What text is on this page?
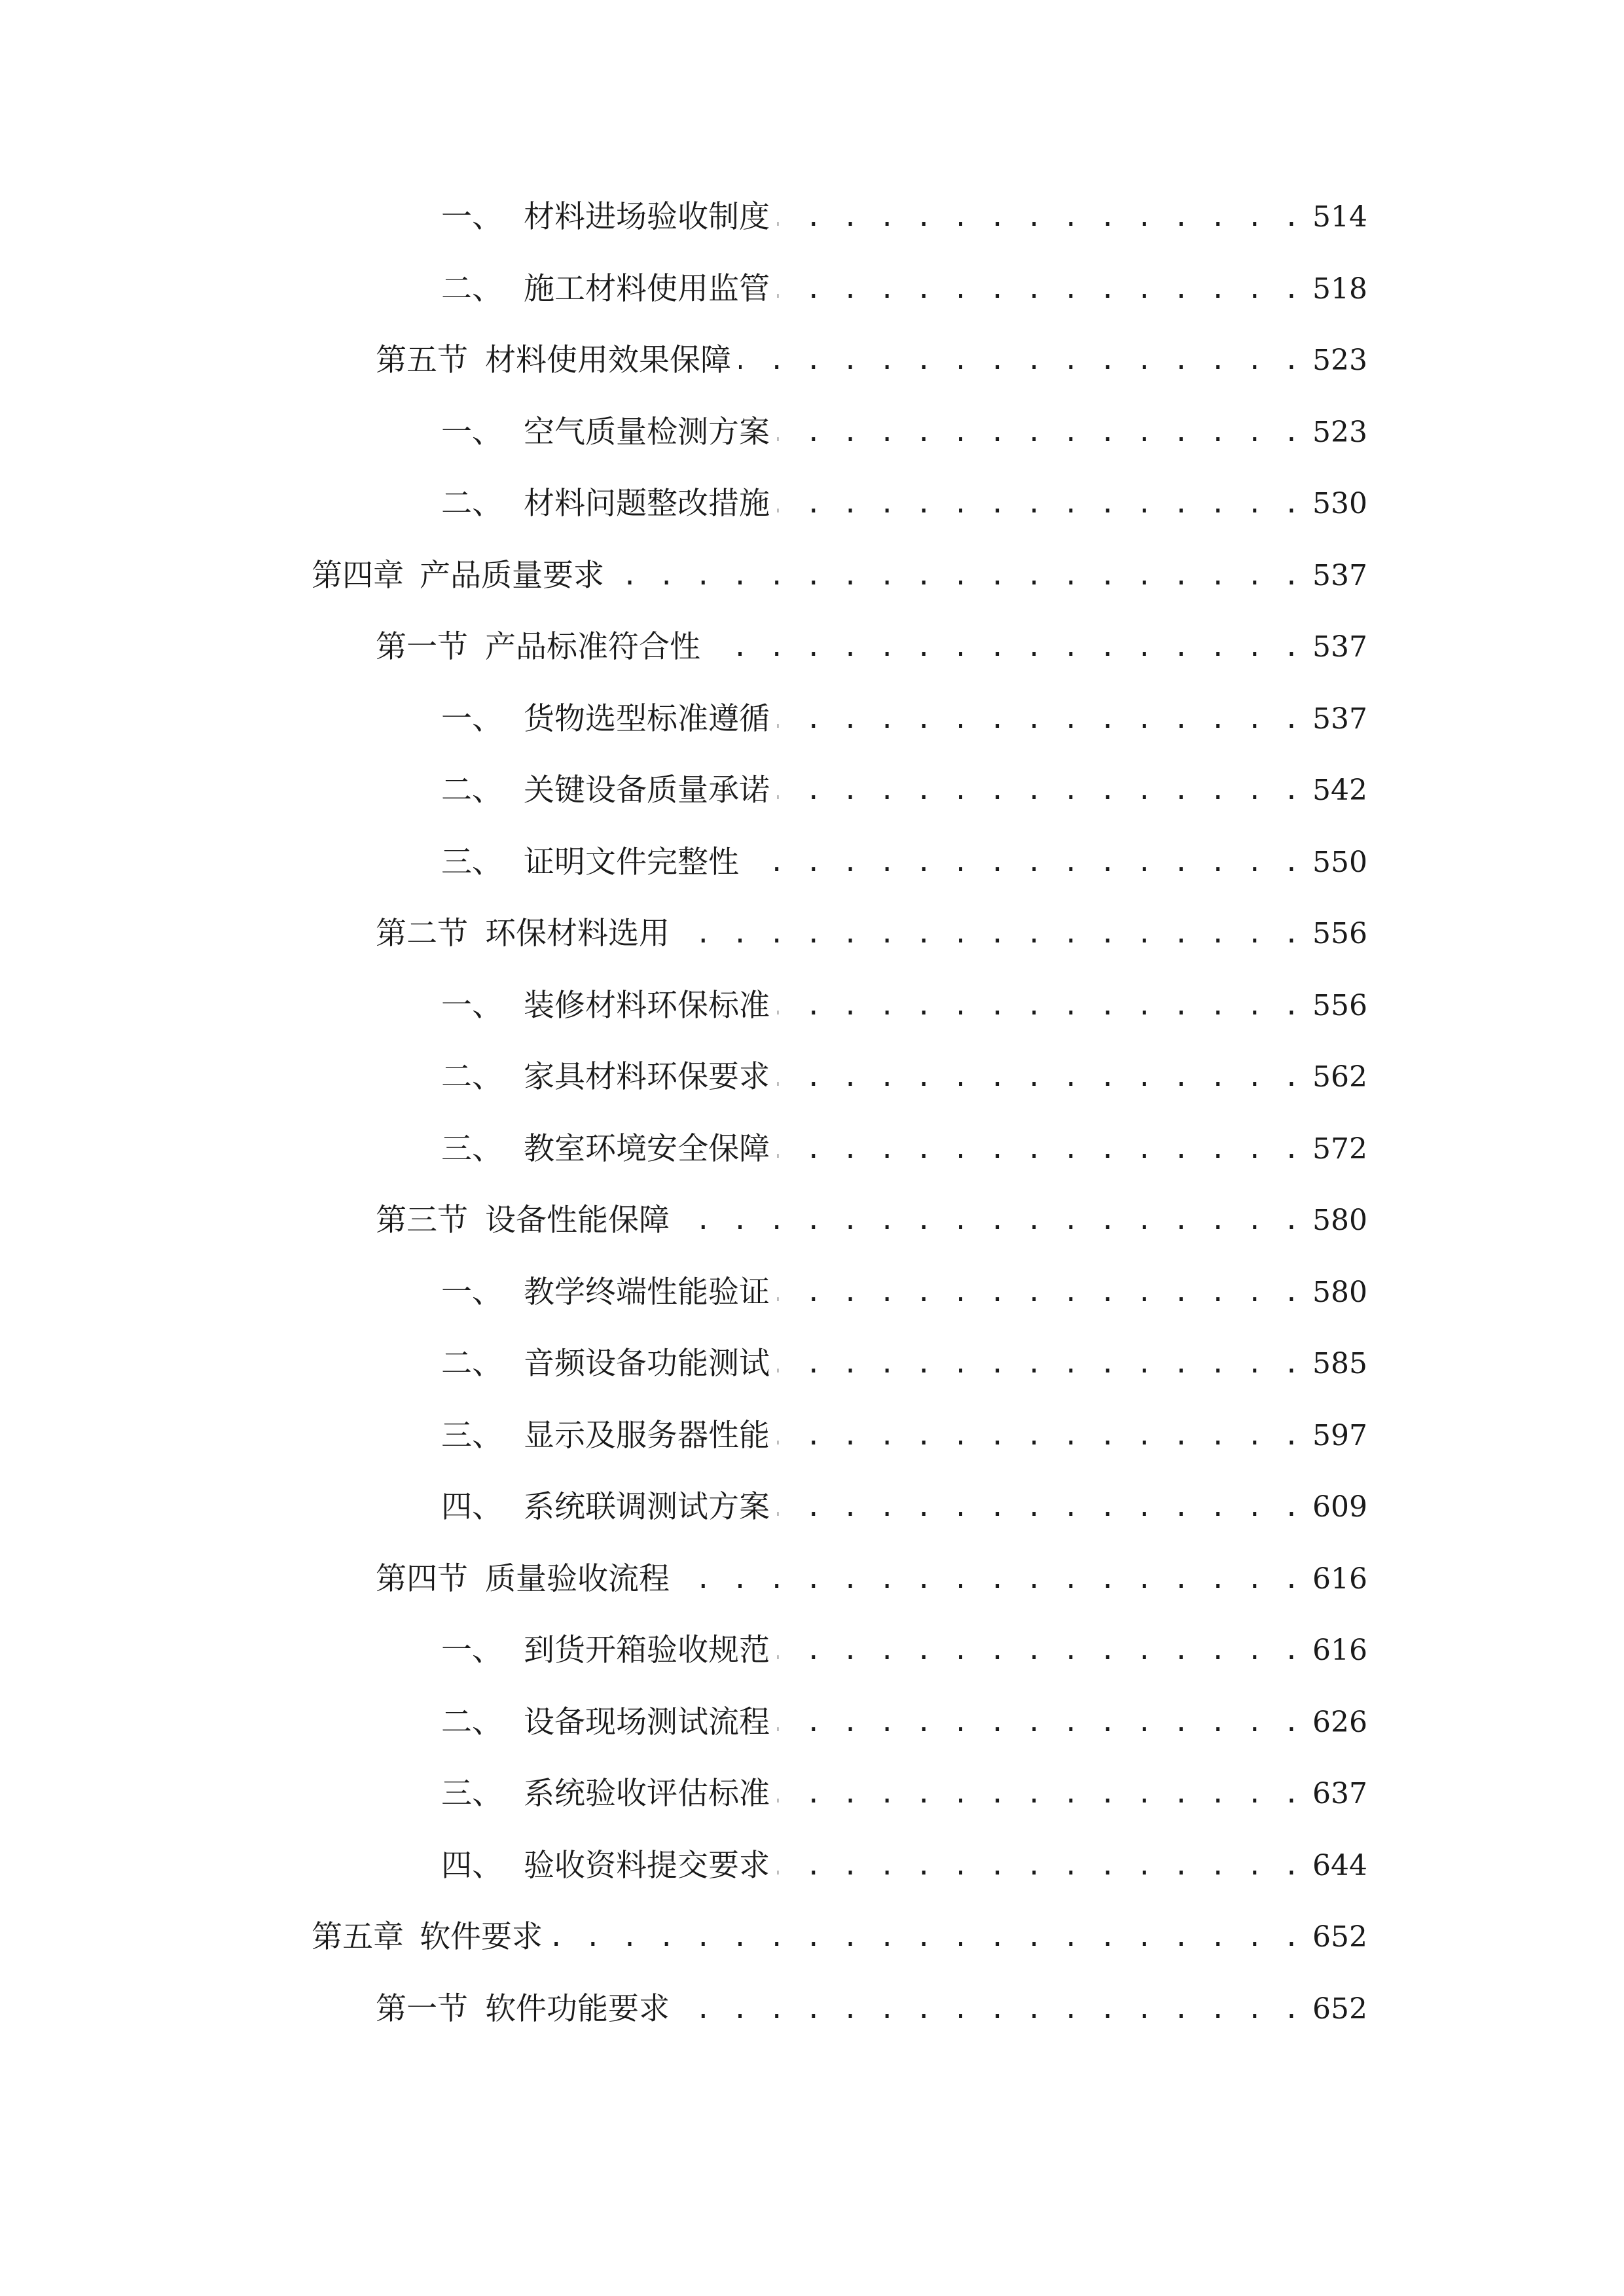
一、 材料进场验收制度 . . .	514
二、 施工材料使用监管 . . .	518
第五节 材料使用效果保障 . . .	523
一、 空气质量检测方案 . . .	523
二、 材料问题整改措施 . . .	530
第四章 产品质量要求 . . .	537
第一节 产品标准符合性 . . .	537
一、 货物选型标准遵循 . . .	537
二、 关键设备质量承诺 . . .	542
三、 证明文件完整性 . . .	550
第二节 环保材料选用 . . .	556
一、 装修材料环保标准 . . .	556
二、 家具材料环保要求 . . .	562
三、 教室环境安全保障 . . .	572
第三节 设备性能保障 . . .	580
一、 教学终端性能验证 . . .	580
二、 音频设备功能测试 . . .	585
三、 显示及服务器性能 . . .	597
四、 系统联调测试方案 . . .	609
第四节 质量验收流程 . . .	616
一、 到货开箱验收规范 . . .	616
二、 设备现场测试流程 . . .	626
三、 系统验收评估标准 . . .	637
四、 验收资料提交要求 . . .	644
第五章 软件要求 . . .	652
第一节 软件功能要求 . . .	652
